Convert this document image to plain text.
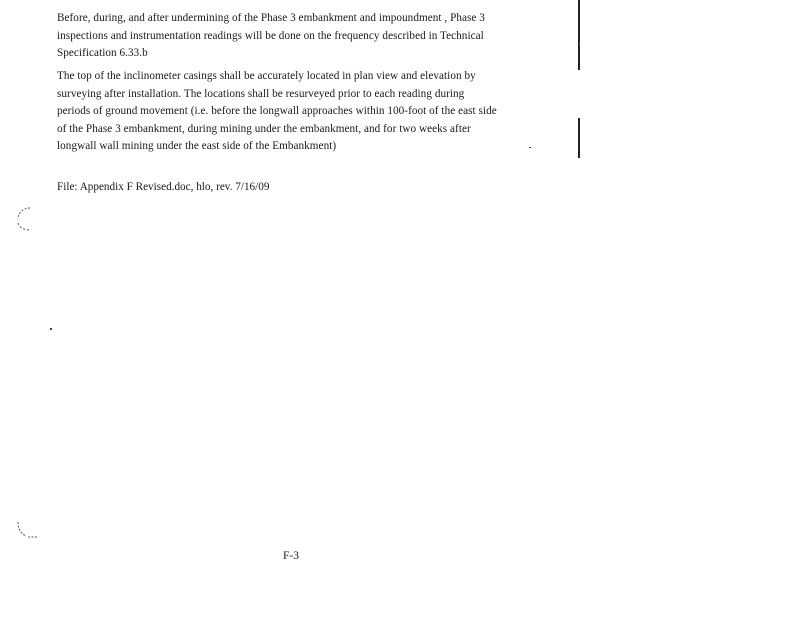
Before, during, and after undermining of the Phase 3 embankment and impoundment , Phase 3
inspections and instrumentation readings will be done on the frequency described in Technical
Specification 6.33.b

The top of the inclinometer casings shall be accurately located in plan view and elevation by
surveying after installation. The locations shall be resurveyed prior to each reading during
periods of ground movement (i.e. before the longwall approaches within 100-foot of the east side
of the Phase 3 embankment, during mining under the embankment, and for two weeks after
longwall wall mining under the east side of the Embankment)

File: Appendix F Revised.doc, hlo, rev. 7/16/09
F-3
